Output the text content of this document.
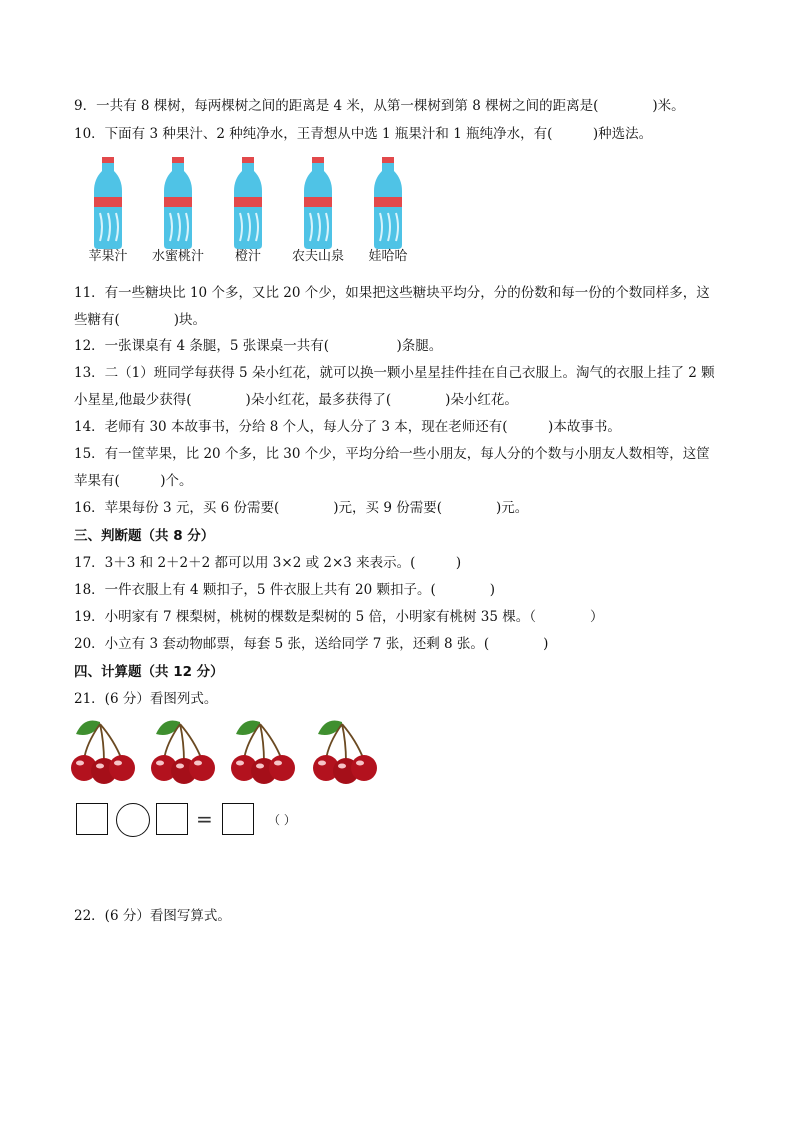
9．一共有 8 棵树，每两棵树之间的距离是 4 米，从第一棵树到第 8 棵树之间的距离是(　　　　)米。
10．下面有 3 种果汁、2 种纯净水，王青想从中选 1 瓶果汁和 1 瓶纯净水，有(　　　)种选法。
苹果汁	水蜜桃汁	橙汁	农夫山泉	娃哈哈
11．有一些糖块比 10 个多，又比 20 个少，如果把这些糖块平均分，分的份数和每一份的个数同样多，这
些糖有(　　　　)块。
12．一张课桌有 4 条腿，5 张课桌一共有(　　　　　)条腿。
13．二（1）班同学每获得 5 朵小红花，就可以换一颗小星星挂件挂在自己衣服上。淘气的衣服上挂了 2 颗
小星星,他最少获得(　　　　)朵小红花，最多获得了(　　　　)朵小红花。
14．老师有 30 本故事书，分给 8 个人，每人分了 3 本，现在老师还有(　　　)本故事书。
15．有一筐苹果，比 20 个多，比 30 个少，平均分给一些小朋友，每人分的个数与小朋友人数相等，这筐
苹果有(　　　)个。
16．苹果每份 3 元，买 6 份需要(　　　　)元，买 9 份需要(　　　　)元。
三、判断题（共 8 分）
17．3＋3 和 2＋2＋2 都可以用 3×2 或 2×3 来表示。(　　　)
18．一件衣服上有 4 颗扣子，5 件衣服上共有 20 颗扣子。(　　　　)
19．小明家有 7 棵梨树，桃树的棵数是梨树的 5 倍，小明家有桃树 35 棵。（　　　　）
20．小立有 3 套动物邮票，每套 5 张，送给同学 7 张，还剩 8 张。(　　　　)
四、计算题（共 12 分）
21．(6 分）看图列式。
=	（ ）
22．(6 分）看图写算式。
